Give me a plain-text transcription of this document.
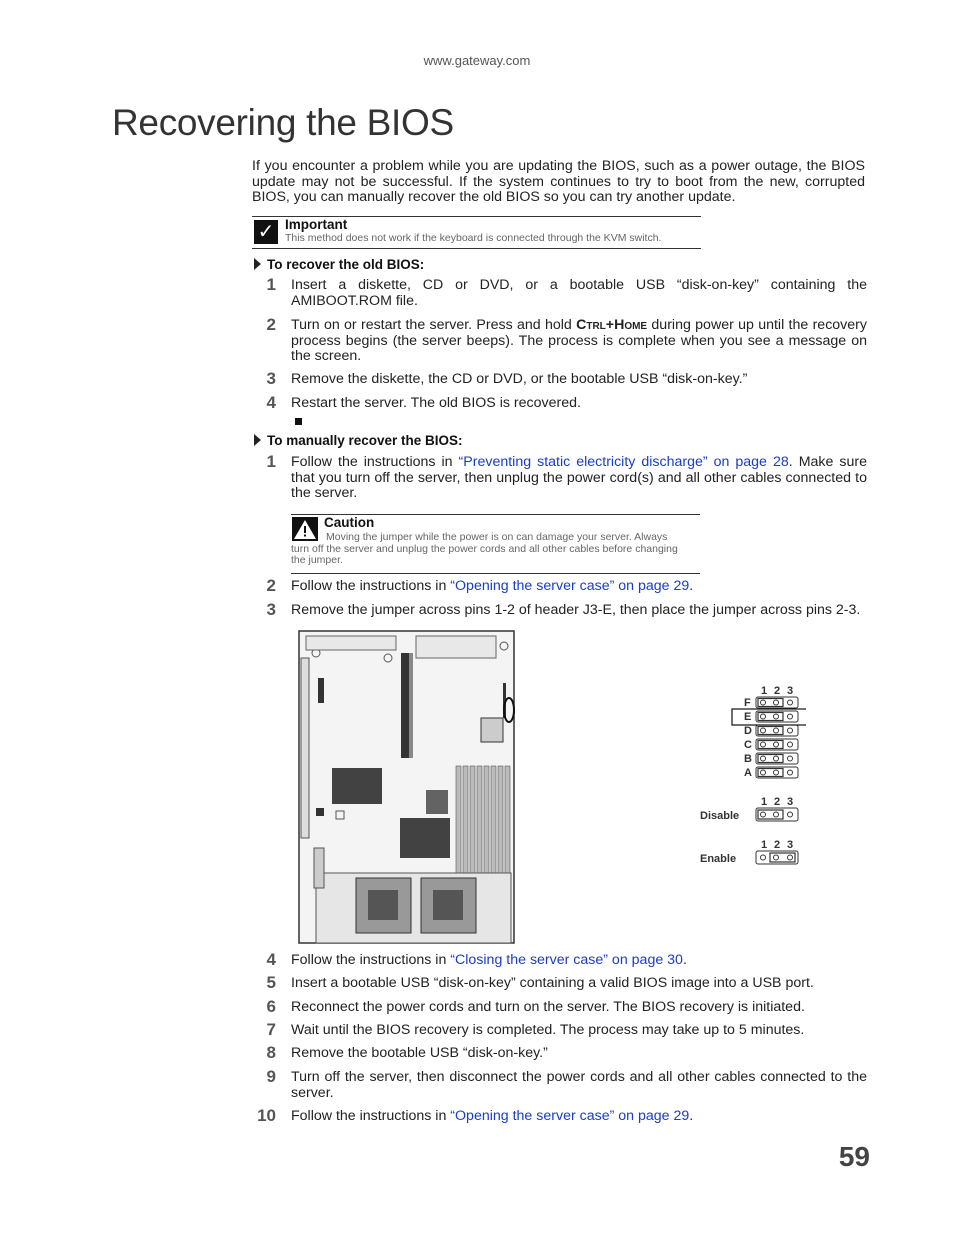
www.gateway.com
Recovering the BIOS
If you encounter a problem while you are updating the BIOS, such as a power outage, the BIOS update may not be successful. If the system continues to try to boot from the new, corrupted BIOS, you can manually recover the old BIOS so you can try another update.
✓ Important
This method does not work if the keyboard is connected through the KVM switch.
To recover the old BIOS:
1 Insert a diskette, CD or DVD, or a bootable USB “disk-on-key” containing the AMIBOOT.ROM file.
2 Turn on or restart the server. Press and hold Ctrl+Home during power up until the recovery process begins (the server beeps). The process is complete when you see a message on the screen.
3 Remove the diskette, the CD or DVD, or the bootable USB “disk-on-key.”
4 Restart the server. The old BIOS is recovered.
To manually recover the BIOS:
1 Follow the instructions in “Preventing static electricity discharge” on page 28. Make sure that you turn off the server, then unplug the power cord(s) and all other cables connected to the server.
Caution
Moving the jumper while the power is on can damage your server. Always
turn off the server and unplug the power cords and all other cables before changing
the jumper.
2 Follow the instructions in “Opening the server case” on page 29.
3 Remove the jumper across pins 1-2 of header J3-E, then place the jumper across pins 2-3.
1 2 3
F
E
D
C
B
A
1 2 3
Disable
1 2 3
Enable
4 Follow the instructions in “Closing the server case” on page 30.
5 Insert a bootable USB “disk-on-key” containing a valid BIOS image into a USB port.
6 Reconnect the power cords and turn on the server. The BIOS recovery is initiated.
7 Wait until the BIOS recovery is completed. The process may take up to 5 minutes.
8 Remove the bootable USB “disk-on-key.”
9 Turn off the server, then disconnect the power cords and all other cables connected to the server.
10 Follow the instructions in “Opening the server case” on page 29.
59
